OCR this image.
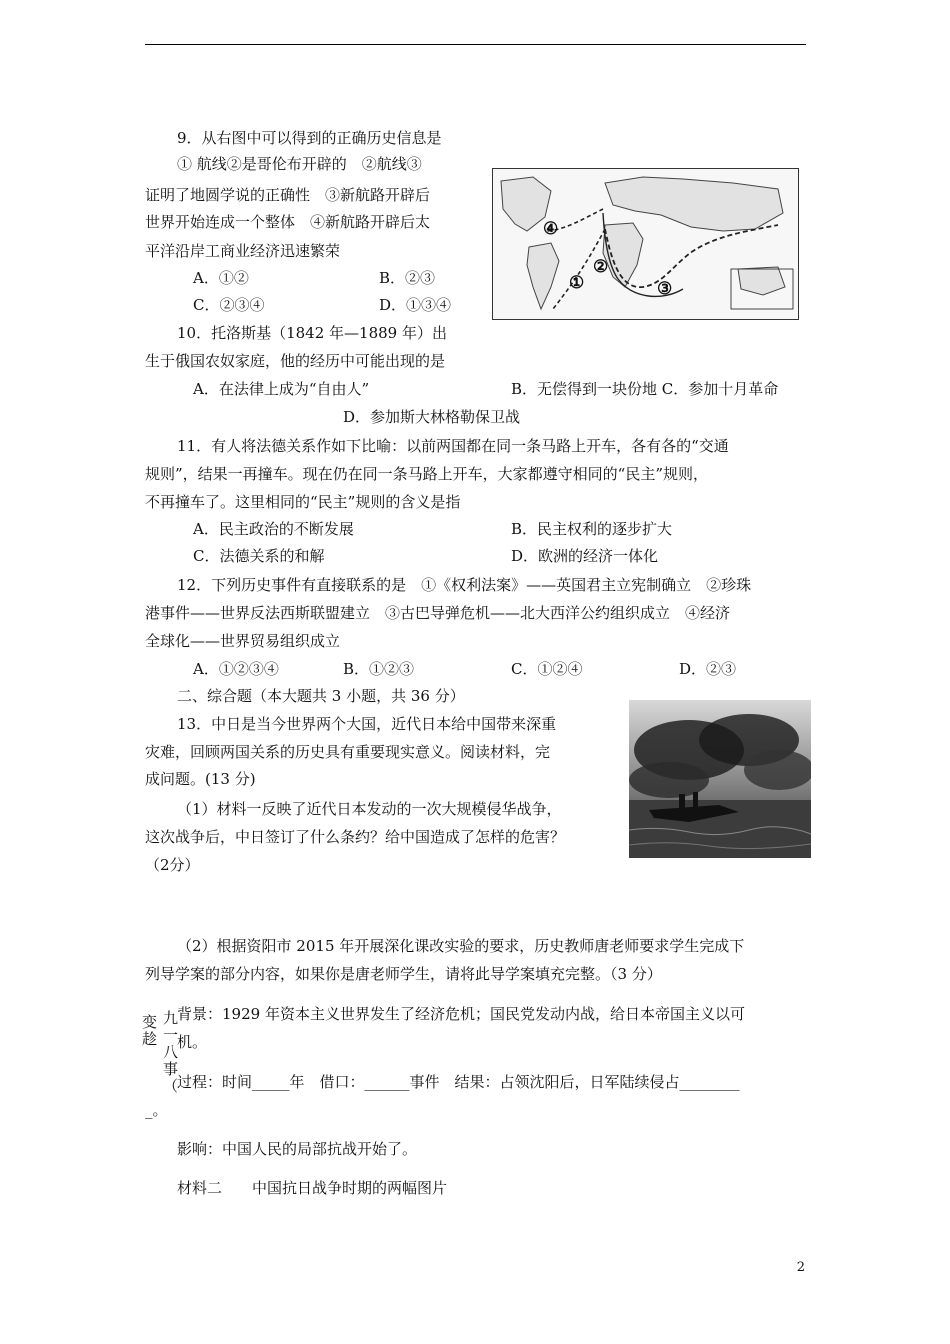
9．从右图中可以得到的正确历史信息是
① 航线②是哥伦布开辟的　②航线③
证明了地圆学说的正确性　③新航路开辟后
世界开始连成一个整体　④新航路开辟后太
平洋沿岸工商业经济迅速繁荣
A．①②	B．②③
C．②③④	D．①③④
④
②
①	③
10．托洛斯基（1842 年—1889 年）出
生于俄国农奴家庭，他的经历中可能出现的是
A．在法律上成为“自由人”	B．无偿得到一块份地 C．参加十月革命
D．参加斯大林格勒保卫战
11．有人将法德关系作如下比喻：以前两国都在同一条马路上开车，各有各的“交通
规则”，结果一再撞车。现在仍在同一条马路上开车，大家都遵守相同的“民主”规则，
不再撞车了。这里相同的“民主”规则的含义是指
A．民主政治的不断发展	B．民主权利的逐步扩大
C．法德关系的和解	D．欧洲的经济一体化
12．下列历史事件有直接联系的是　①《权利法案》——英国君主立宪制确立　②珍珠
港事件——世界反法西斯联盟建立　③古巴导弹危机——北大西洋公约组织成立　④经济
全球化——世界贸易组织成立
A．①②③④	B．①②③	C．①②④	D．②③
二、综合题（本大题共 3 小题，共 36 分）
13．中日是当今世界两个大国，近代日本给中国带来深重
灾难，回顾两国关系的历史具有重要现实意义。阅读材料，完
成问题。(13 分)
（1）材料一反映了近代日本发动的一次大规模侵华战争，
这次战争后，中日签订了什么条约？给中国造成了怎样的危害？
（2分）
（2）根据资阳市 2015 年开展深化课改实验的要求，历史教师唐老师要求学生完成下
列导学案的部分内容，如果你是唐老师学生，请将此导学案填充完整。（3 分）
背景：1929 年资本主义世界发生了经济危机；国民党发动内战，给日本帝国主义以可
机。
变趁
九一八事（
过程：时间_____年　借口：______事件　结果：占领沈阳后，日军陆续侵占________
_。
影响：中国人民的局部抗战开始了。
材料二　　中国抗日战争时期的两幅图片
2
